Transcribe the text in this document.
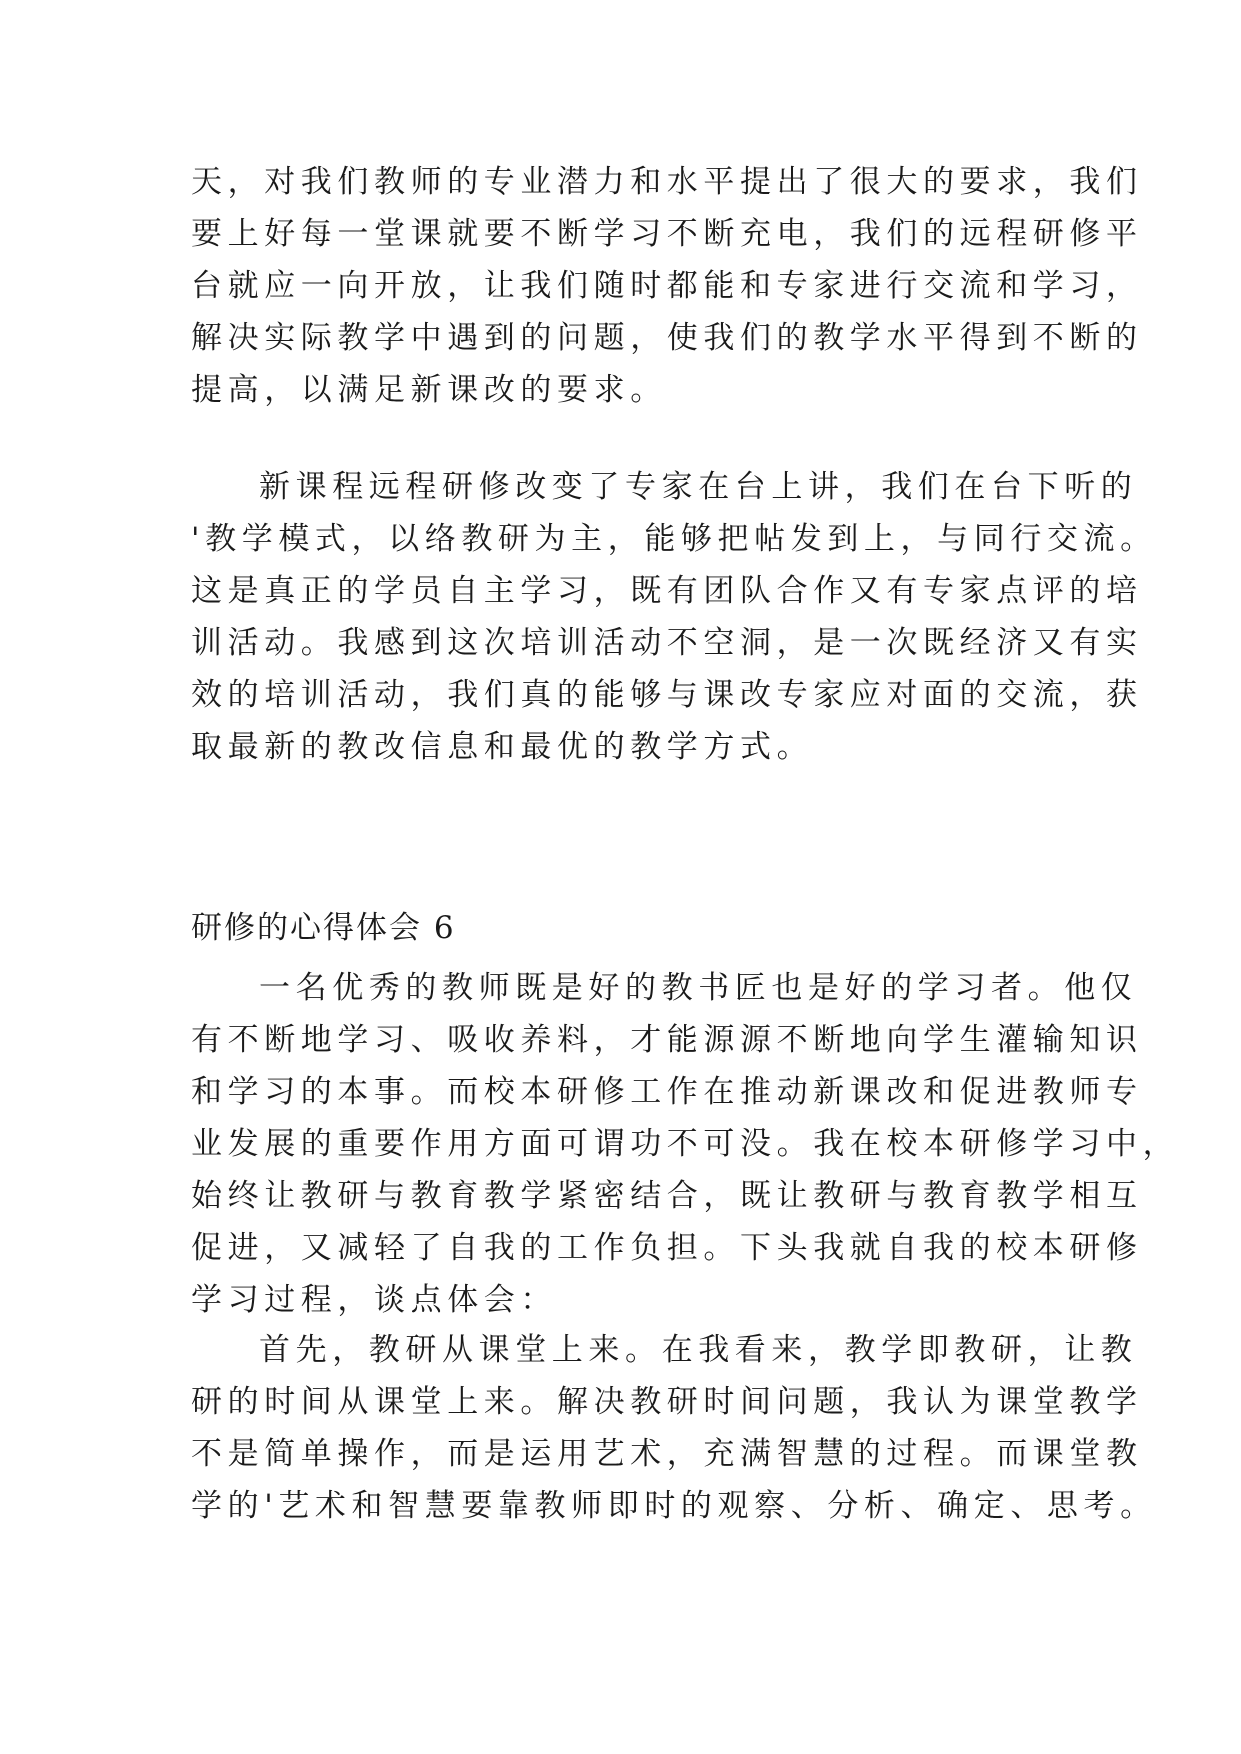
天，对我们教师的专业潜力和水平提出了很大的要求，我们
要上好每一堂课就要不断学习不断充电，我们的远程研修平
台就应一向开放，让我们随时都能和专家进行交流和学习，
解决实际教学中遇到的问题，使我们的教学水平得到不断的
提高，以满足新课改的要求。
新课程远程研修改变了专家在台上讲，我们在台下听的
'教学模式，以络教研为主，能够把帖发到上，与同行交流。
这是真正的学员自主学习，既有团队合作又有专家点评的培
训活动。我感到这次培训活动不空洞，是一次既经济又有实
效的培训活动，我们真的能够与课改专家应对面的交流，获
取最新的教改信息和最优的教学方式。
研修的心得体会 6
一名优秀的教师既是好的教书匠也是好的学习者。他仅
有不断地学习、吸收养料，才能源源不断地向学生灌输知识
和学习的本事。而校本研修工作在推动新课改和促进教师专
业发展的重要作用方面可谓功不可没。我在校本研修学习中，
始终让教研与教育教学紧密结合，既让教研与教育教学相互
促进，又减轻了自我的工作负担。下头我就自我的校本研修
学习过程，谈点体会：
首先，教研从课堂上来。在我看来，教学即教研，让教
研的时间从课堂上来。解决教研时间问题，我认为课堂教学
不是简单操作，而是运用艺术，充满智慧的过程。而课堂教
学的'艺术和智慧要靠教师即时的观察、分析、确定、思考。
